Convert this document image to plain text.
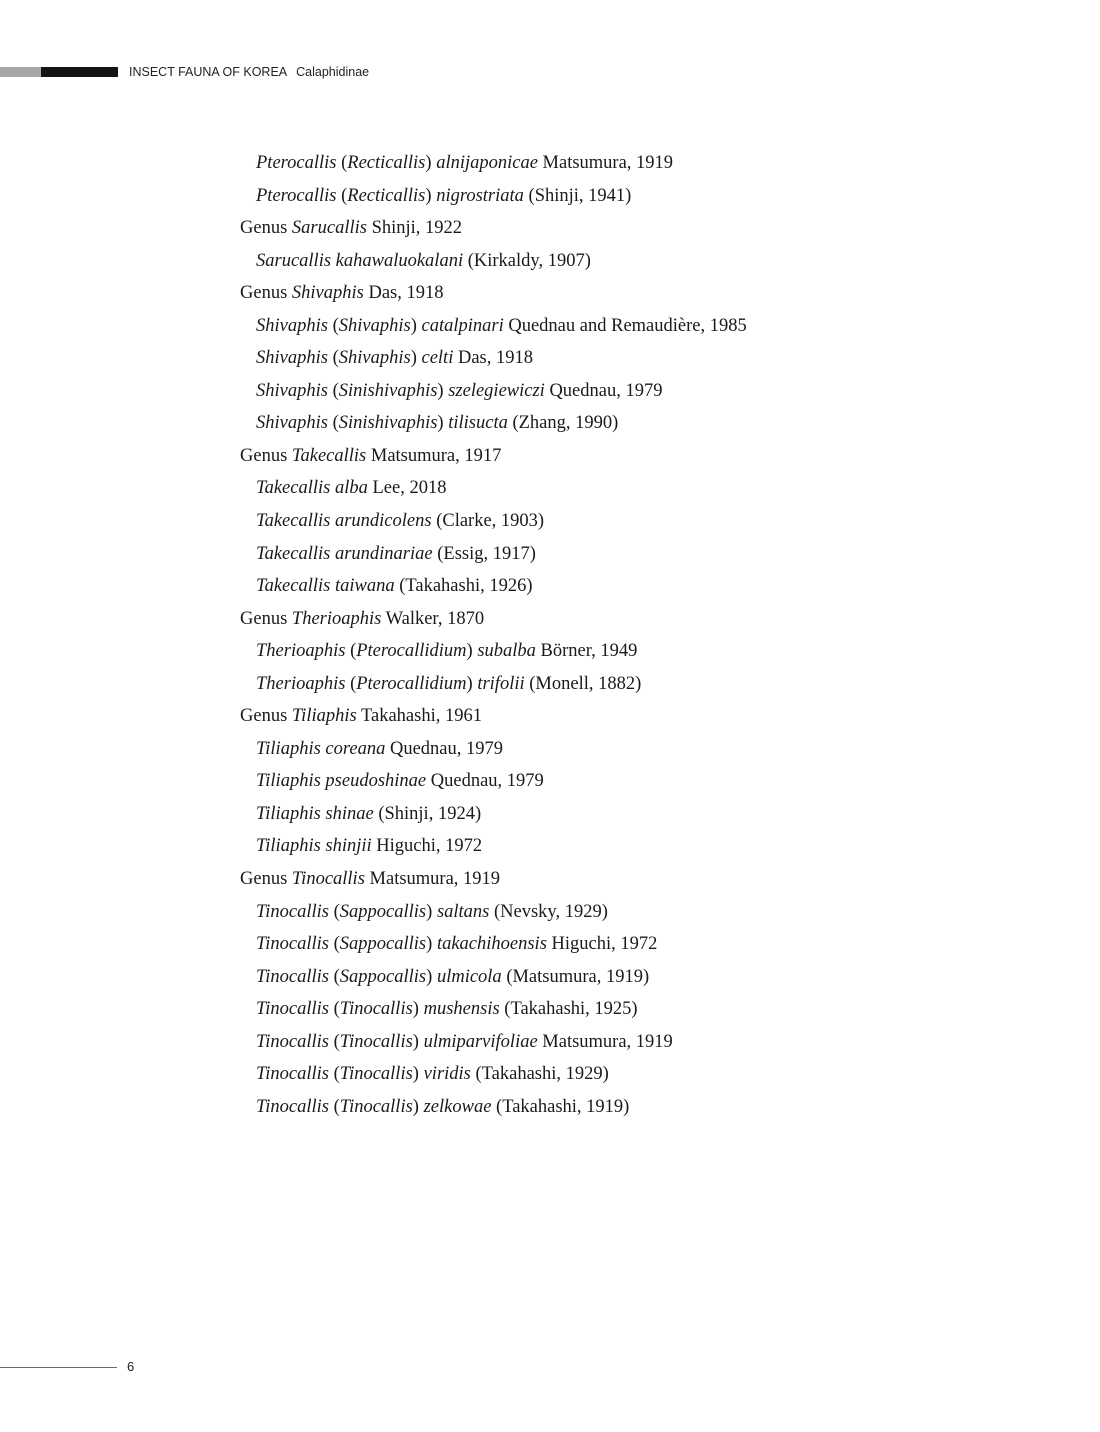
INSECT FAUNA OF KOREA Calaphidinae
Pterocallis (Recticallis) alnijaponicae Matsumura, 1919
Pterocallis (Recticallis) nigrostriata (Shinji, 1941)
Genus Sarucallis Shinji, 1922
Sarucallis kahawaluokalani (Kirkaldy, 1907)
Genus Shivaphis Das, 1918
Shivaphis (Shivaphis) catalpinari Quednau and Remaudière, 1985
Shivaphis (Shivaphis) celti Das, 1918
Shivaphis (Sinishivaphis) szelegiewiczi Quednau, 1979
Shivaphis (Sinishivaphis) tilisucta (Zhang, 1990)
Genus Takecallis Matsumura, 1917
Takecallis alba Lee, 2018
Takecallis arundicolens (Clarke, 1903)
Takecallis arundinariae (Essig, 1917)
Takecallis taiwana (Takahashi, 1926)
Genus Therioaphis Walker, 1870
Therioaphis (Pterocallidium) subalba Börner, 1949
Therioaphis (Pterocallidium) trifolii (Monell, 1882)
Genus Tiliaphis Takahashi, 1961
Tiliaphis coreana Quednau, 1979
Tiliaphis pseudoshinae Quednau, 1979
Tiliaphis shinae (Shinji, 1924)
Tiliaphis shinjii Higuchi, 1972
Genus Tinocallis Matsumura, 1919
Tinocallis (Sappocallis) saltans (Nevsky, 1929)
Tinocallis (Sappocallis) takachihoensis Higuchi, 1972
Tinocallis (Sappocallis) ulmicola (Matsumura, 1919)
Tinocallis (Tinocallis) mushensis (Takahashi, 1925)
Tinocallis (Tinocallis) ulmiparvifoliae Matsumura, 1919
Tinocallis (Tinocallis) viridis (Takahashi, 1929)
Tinocallis (Tinocallis) zelkowae (Takahashi, 1919)
6
